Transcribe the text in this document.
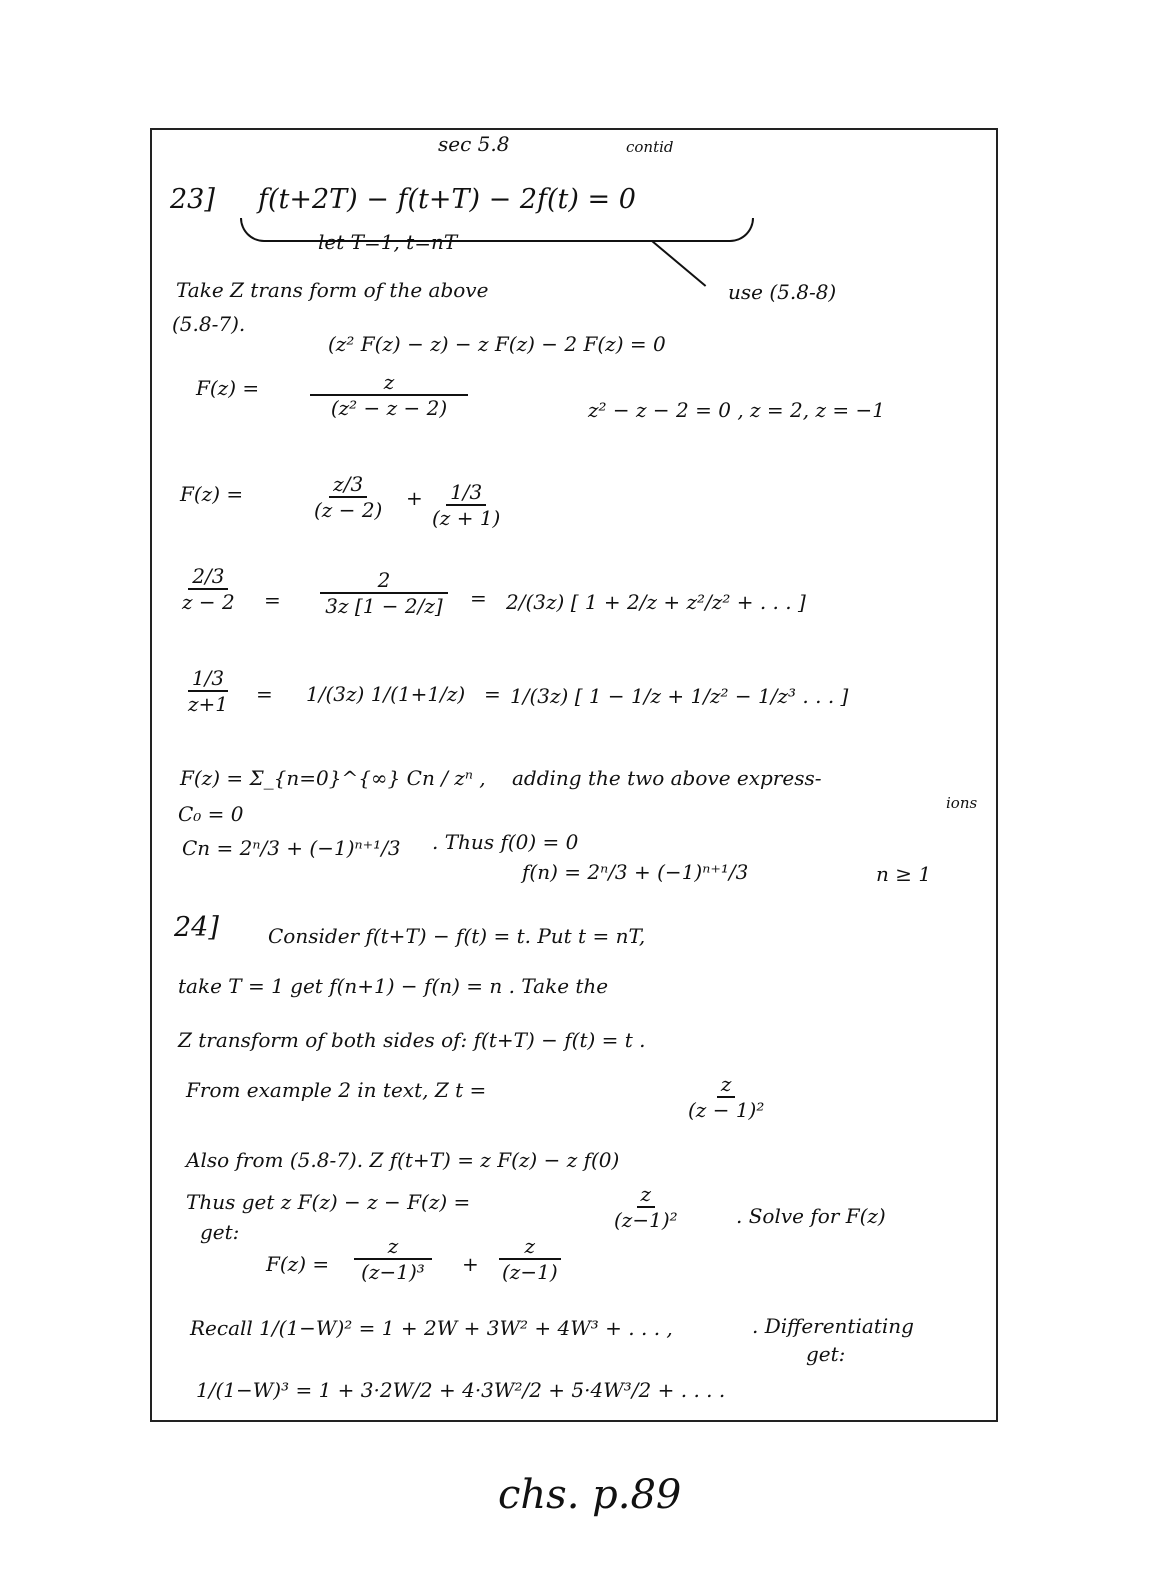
sec 5.8	contid
23] f(t+2T) − f(t+T) − 2f(t) = 0
let T=1, t=nT
Take Z trans form of the above	use (5.8-8)
(5.8-7).
(z² F(z) − z) − z F(z) − 2 F(z) = 0
F(z) =	$\frac{z}{\text{(z² − z − 2)}}$	z² − z − 2 = 0 , z = 2, z = −1
F(z) =	$\frac{z/3}{(z - 2)} + \frac{1/3}{(z + 1)}$
$\frac{2/3}{z - 2} = \frac{2}{3z [1 - 2/z]} = 2/(3z)$ [ 1 + 2/z + z²/z² + . . . ]
$\frac{1/3}{z+1} = 1/(3z) 1/(1+1/z) = 1/(3z)$ [ 1 − 1/z + 1/z² − 1/z³ . . . ]
F(z) = Σ_{n=0}^{∞} Cn / zⁿ , adding the two above express-
ions
C₀ = 0
Cn = 2ⁿ/3 + (−1)ⁿ⁺¹/3 . Thus f(0) = 0
f(n) = 2ⁿ/3 + (−1)ⁿ⁺¹/3	n ≥ 1
24] Consider f(t+T) − f(t) = t. Put t = nT,
take T = 1 get f(n+1) − f(n) = n . Take the
Z transform of both sides of: f(t+T) − f(t) = t .
From example 2 in text, Z t =	$\frac{z}{\text{(z − 1)²}}$
Also from (5.8-7). Z f(t+T) = z F(z) − z f(0)
Thus get z F(z) − z − F(z) =	$\frac{z}{\text{(z−1)²}}$	. Solve for F(z)
get:
$F(z) = \frac{z}{\text{(z−1)³}} + \frac{z}{(z-1)}$
Recall 1/(1−W)² = 1 + 2W + 3W² + 4W³ + . . . ,	. Differentiating
get:
1/(1−W)³ = 1 + 3·2W/2 + 4·3W²/2 + 5·4W³/2 + . . . .
chs. p.89
